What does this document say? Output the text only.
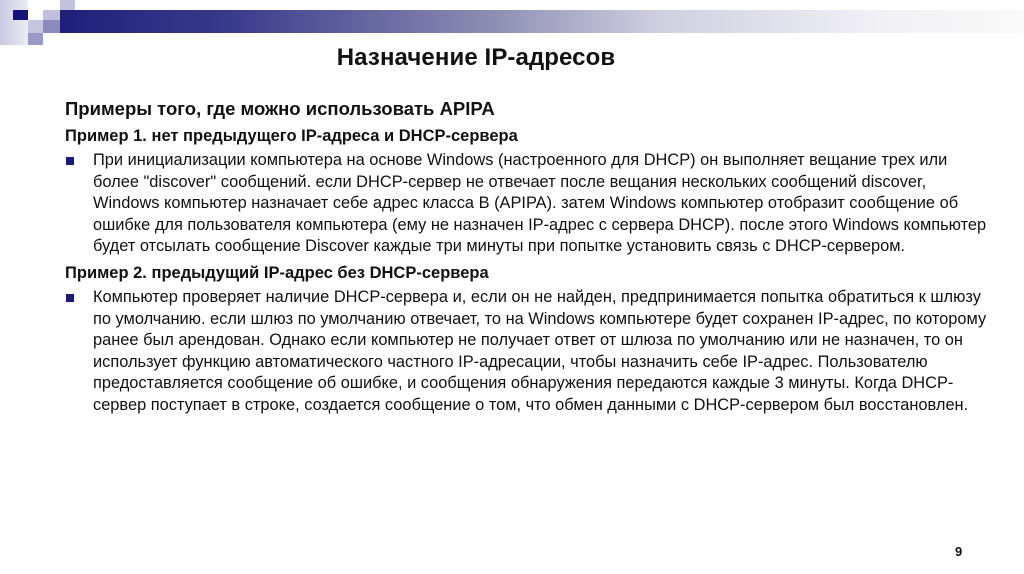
Назначение IP-адресов

Примеры того, где можно использовать APIPA

Пример 1. нет предыдущего IP-адреса и DHCP-сервера

При инициализации компьютера на основе Windows (настроенного для DHCP) он выполняет вещание трех или более "discover" сообщений. если DHCP-сервер не отвечает после вещания нескольких сообщений discover, Windows компьютер назначает себе адрес класса B (APIPA). затем Windows компьютер отобразит сообщение об ошибке для пользователя компьютера (ему не назначен IP-адрес с сервера DHCP). после этого Windows компьютер будет отсылать сообщение Discover каждые три минуты при попытке установить связь с DHCP-сервером.

Пример 2. предыдущий IP-адрес без DHCP-сервера

Компьютер проверяет наличие DHCP-сервера и, если он не найден, предпринимается попытка обратиться к шлюзу по умолчанию. если шлюз по умолчанию отвечает, то на Windows компьютере будет сохранен IP-адрес, по которому ранее был арендован. Однако если компьютер не получает ответ от шлюза по умолчанию или не назначен, то он использует функцию автоматического частного IP-адресации, чтобы назначить себе IP-адрес. Пользователю предоставляется сообщение об ошибке, и сообщения обнаружения передаются каждые 3 минуты. Когда DHCP-сервер поступает в строке, создается сообщение о том, что обмен данными с DHCP-сервером был восстановлен.
9
